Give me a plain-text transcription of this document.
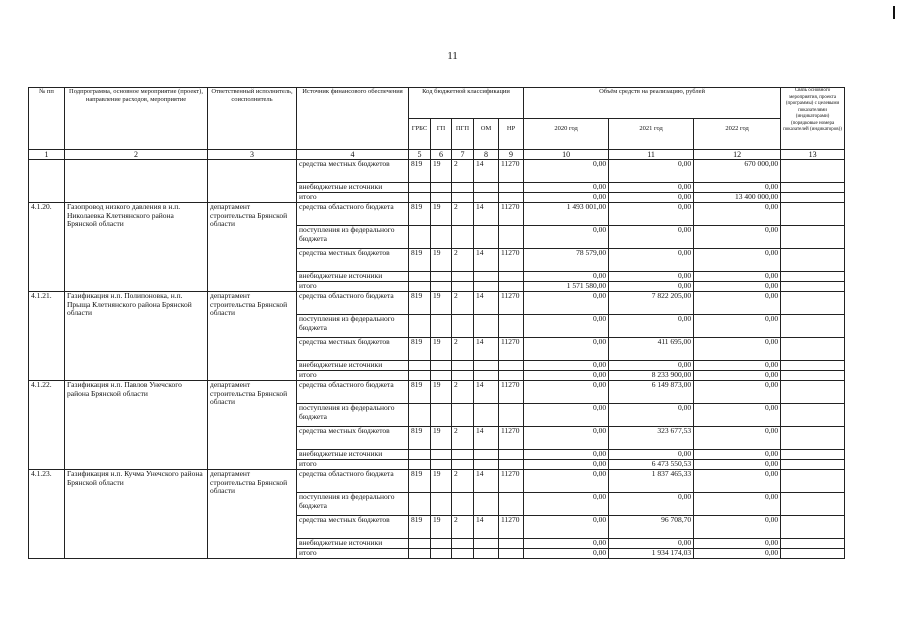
11
№ пп	Подпрограмма, основное мероприятие (проект), направление расходов, мероприятие	Ответственный исполнитель, соисполнитель	Источник финансового обеспечения	Код бюджетной классификации					Объём средств на реализацию, рублей			Связь основного мероприятия, проекта (программы) с целевыми показателями (индикаторами) (порядковые номера показателей (индикаторов))
				ГРБС	ГП	ПГП	ОМ	НР	2020 год	2021 год	2022 год	
1	2	3	4	5	6	7	8	9	10	11	12	13
			средства местных бюджетов	819	19	2	14	11270	0,00	0,00	670 000,00	
			внебюджетные источники						0,00	0,00	0,00	
			итого						0,00	0,00	13 400 000,00	
4.1.20.	Газопровод низкого давления в н.п. Николаевка Клетнянского района Брянской области	департамент строительства Брянской области	средства областного бюджета	819	19	2	14	11270	1 493 001,00	0,00	0,00	
			поступления из федерального бюджета						0,00	0,00	0,00	
			средства местных бюджетов	819	19	2	14	11270	78 579,00	0,00	0,00	
			внебюджетные источники						0,00	0,00	0,00	
			итого						1 571 580,00	0,00	0,00	
4.1.21.	Газификация н.п. Полипоновка, н.п. Прыща Клетнянского района Брянской области	департамент строительства Брянской области	средства областного бюджета	819	19	2	14	11270	0,00	7 822 205,00	0,00	
			поступления из федерального бюджета						0,00	0,00	0,00	
			средства местных бюджетов	819	19	2	14	11270	0,00	411 695,00	0,00	
			внебюджетные источники						0,00	0,00	0,00	
			итого						0,00	8 233 900,00	0,00	
4.1.22.	Газификация н.п. Павлов Унечского района Брянской области	департамент строительства Брянской области	средства областного бюджета	819	19	2	14	11270	0,00	6 149 873,00	0,00	
			поступления из федерального бюджета						0,00	0,00	0,00	
			средства местных бюджетов	819	19	2	14	11270	0,00	323 677,53	0,00	
			внебюджетные источники						0,00	0,00	0,00	
			итого						0,00	6 473 550,53	0,00	
4.1.23.	Газификация н.п. Кучма Унечского района Брянской области	департамент строительства Брянской области	средства областного бюджета	819	19	2	14	11270	0,00	1 837 465,33	0,00	
			поступления из федерального бюджета						0,00	0,00	0,00	
			средства местных бюджетов	819	19	2	14	11270	0,00	96 708,70	0,00	
			внебюджетные источники						0,00	0,00	0,00	
			итого						0,00	1 934 174,03	0,00	
